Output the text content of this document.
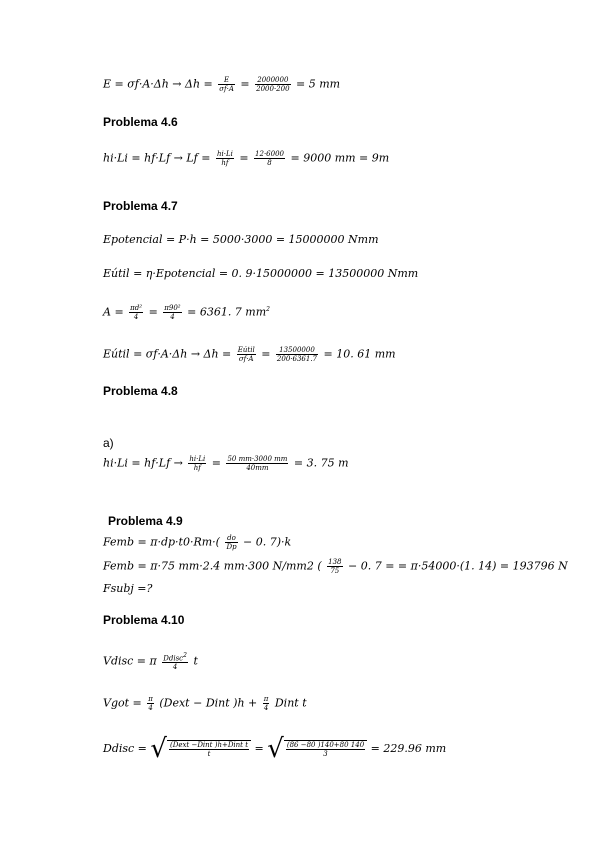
$E = \sigma f\cdot A\cdot\Delta h \to \Delta h = \frac{E}{\sigma f\cdot A} = \frac{2000000}{2000\cdot 200} = 5$ mm
Problema 4.6
$hi\cdot Li = hf\cdot Lf \to Lf = \frac{hi\cdot Li}{hf} = \frac{12\cdot 6000}{8} = 9000$ mm = 9m
Problema 4.7
Epotencial = P·h = 5000·3000 = 15000000 Nmm
Eútil = η·Epotencial = 0. 9·15000000 = 13500000 Nmm
$A = \frac{\text{πd²}}{4} = \frac{\text{π90²}}{4} = 6361$. 7 $mm^2$
Eútil = $\sigma f\cdot A\cdot\Delta h \to \Delta h = \frac{\text{Eútil}}{\sigma f\cdot A} = \frac{13500000}{200\cdot 6361.7} = 10$. 61 mm
Problema 4.8
a)
$hi\cdot Li = hf\cdot Lf \to \frac{hi\cdot Li}{hf} = \frac{50 mm\cdot 3000 mm}{40mm} = 3$. 75 m
Problema 4.9
Femb = $\pi\cdot dp\cdot t0\cdot Rm\cdot( \frac{do}{Dp} - 0$. 7)·k
Femb = π·75 mm·2.4 mm·300 N/mm2 ( $\frac{138}{75} - 0$. 7 = = π·54000·(1. 14) = 193796 N
Fsubj =?
Problema 4.10
Vdisc = π $\frac{Ddisc^2}{4}$ t
Vgot = $\frac{\pi}{4}$ (Dext − Dint )$h + \frac{\pi}{4}$ Dint t
Ddisc = √ $\frac{\text{(Dext −Dint )h+Dint t}}{t}$ = √ $\frac{(86 -80 )140+80 140}{3} = 229.96$ mm
